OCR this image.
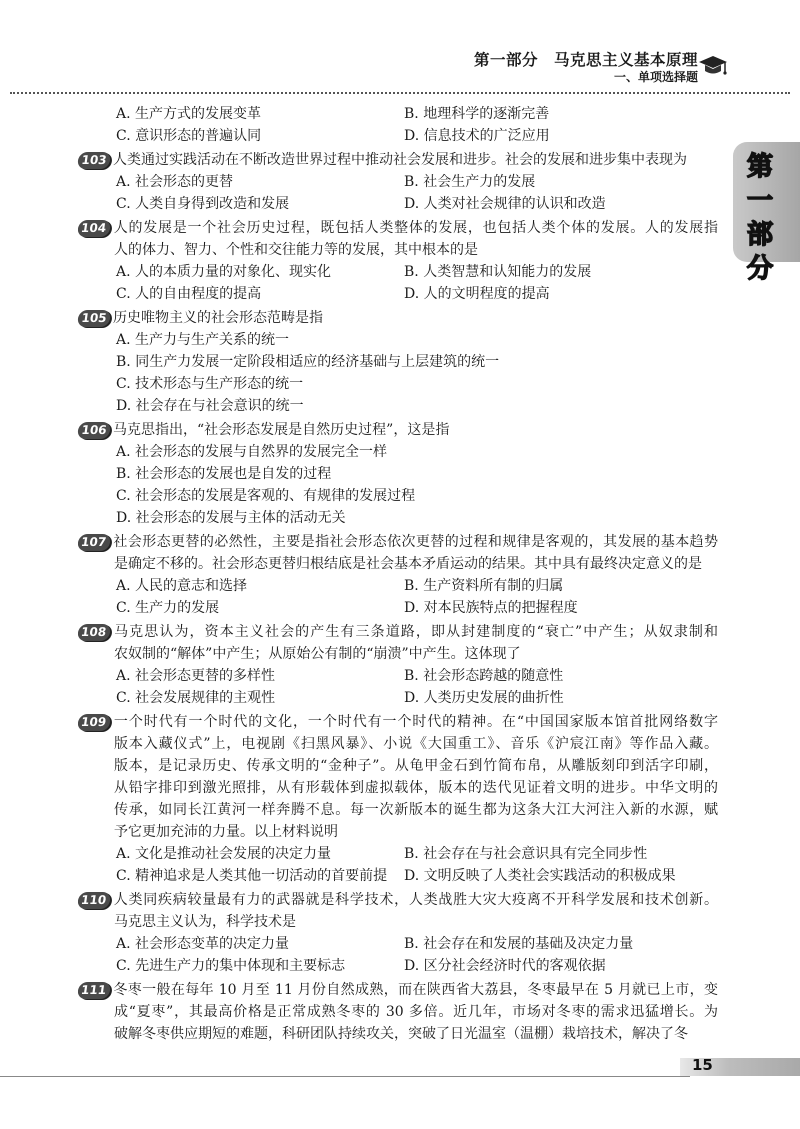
第一部分　马克思主义基本原理
一、单项选择题
第
一
部
分
A. 生产方式的发展变革	B. 地理科学的逐渐完善
C. 意识形态的普遍认同	D. 信息技术的广泛应用
103 人类通过实践活动在不断改造世界过程中推动社会发展和进步。社会的发展和进步集中表现为
A. 社会形态的更替	B. 社会生产力的发展
C. 人类自身得到改造和发展	D. 人类对社会规律的认识和改造
104 人的发展是一个社会历史过程，既包括人类整体的发展，也包括人类个体的发展。人的发展指
人的体力、智力、个性和交往能力等的发展，其中根本的是
A. 人的本质力量的对象化、现实化	B. 人类智慧和认知能力的发展
C. 人的自由程度的提高	D. 人的文明程度的提高
105 历史唯物主义的社会形态范畴是指
A. 生产力与生产关系的统一
B. 同生产力发展一定阶段相适应的经济基础与上层建筑的统一
C. 技术形态与生产形态的统一
D. 社会存在与社会意识的统一
106 马克思指出，“社会形态发展是自然历史过程”，这是指
A. 社会形态的发展与自然界的发展完全一样
B. 社会形态的发展也是自发的过程
C. 社会形态的发展是客观的、有规律的发展过程
D. 社会形态的发展与主体的活动无关
107 社会形态更替的必然性，主要是指社会形态依次更替的过程和规律是客观的，其发展的基本趋势
是确定不移的。社会形态更替归根结底是社会基本矛盾运动的结果。其中具有最终决定意义的是
A. 人民的意志和选择	B. 生产资料所有制的归属
C. 生产力的发展	D. 对本民族特点的把握程度
108 马克思认为，资本主义社会的产生有三条道路，即从封建制度的“衰亡”中产生；从奴隶制和
农奴制的“解体”中产生；从原始公有制的“崩溃”中产生。这体现了
A. 社会形态更替的多样性	B. 社会形态跨越的随意性
C. 社会发展规律的主观性	D. 人类历史发展的曲折性
109 一个时代有一个时代的文化，一个时代有一个时代的精神。在“中国国家版本馆首批网络数字
版本入藏仪式”上，电视剧《扫黑风暴》、小说《大国重工》、音乐《沪宸江南》等作品入藏。
版本，是记录历史、传承文明的“金种子”。从龟甲金石到竹简布帛，从雕版刻印到活字印刷，
从铅字排印到激光照排，从有形载体到虚拟载体，版本的迭代见证着文明的进步。中华文明的
传承，如同长江黄河一样奔腾不息。每一次新版本的诞生都为这条大江大河注入新的水源，赋
予它更加充沛的力量。以上材料说明
A. 文化是推动社会发展的决定力量	B. 社会存在与社会意识具有完全同步性
C. 精神追求是人类其他一切活动的首要前提 D. 文明反映了人类社会实践活动的积极成果
110 人类同疾病较量最有力的武器就是科学技术，人类战胜大灾大疫离不开科学发展和技术创新。
马克思主义认为，科学技术是
A. 社会形态变革的决定力量	B. 社会存在和发展的基础及决定力量
C. 先进生产力的集中体现和主要标志	D. 区分社会经济时代的客观依据
111 冬枣一般在每年 10 月至 11 月份自然成熟，而在陕西省大荔县，冬枣最早在 5 月就已上市，变
成“夏枣”，其最高价格是正常成熟冬枣的 30 多倍。近几年，市场对冬枣的需求迅猛增长。为
破解冬枣供应期短的难题，科研团队持续攻关，突破了日光温室（温棚）栽培技术，解决了冬
15
